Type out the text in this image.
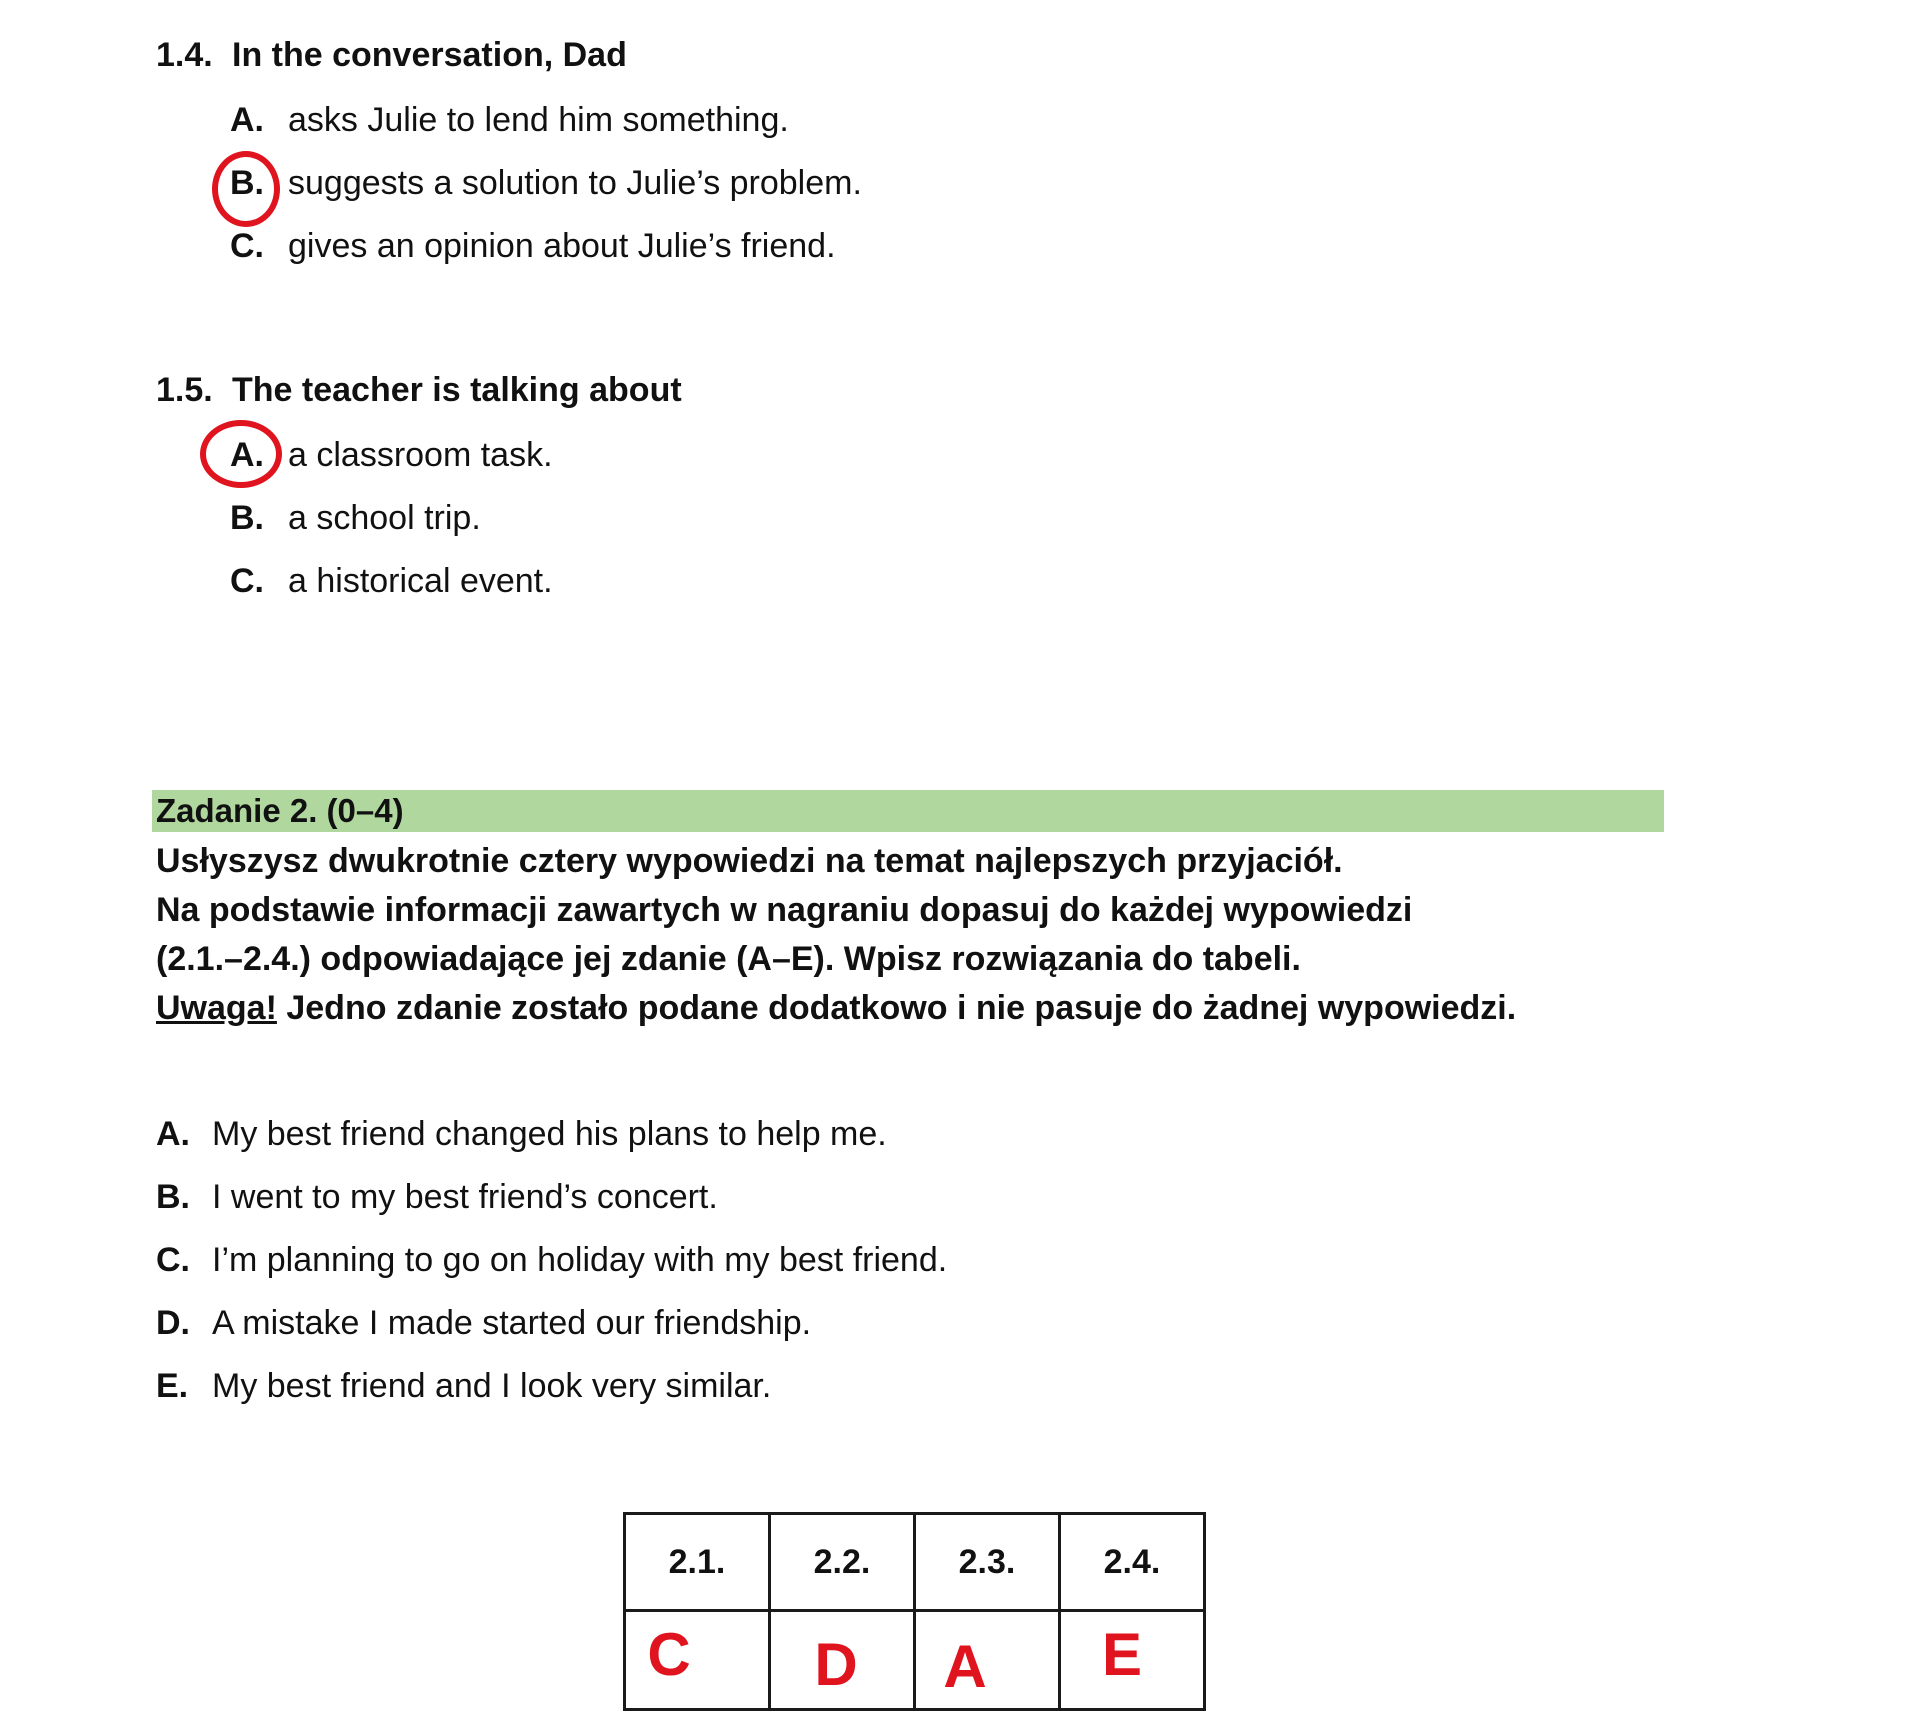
1.4. In the conversation, Dad
A. asks Julie to lend him something.
B. suggests a solution to Julie’s problem.
C. gives an opinion about Julie’s friend.
1.5. The teacher is talking about
A. a classroom task.
B. a school trip.
C. a historical event.
Zadanie 2. (0–4)
Usłyszysz dwukrotnie cztery wypowiedzi na temat najlepszych przyjaciół.
Na podstawie informacji zawartych w nagraniu dopasuj do każdej wypowiedzi
(2.1.–2.4.) odpowiadające jej zdanie (A–E). Wpisz rozwiązania do tabeli.
Uwaga! Jedno zdanie zostało podane dodatkowo i nie pasuje do żadnej wypowiedzi.
A. My best friend changed his plans to help me.
B. I went to my best friend’s concert.
C. I’m planning to go on holiday with my best friend.
D. A mistake I made started our friendship.
E. My best friend and I look very similar.
2.1.	2.2.	2.3.	2.4.
C	D	A	E
